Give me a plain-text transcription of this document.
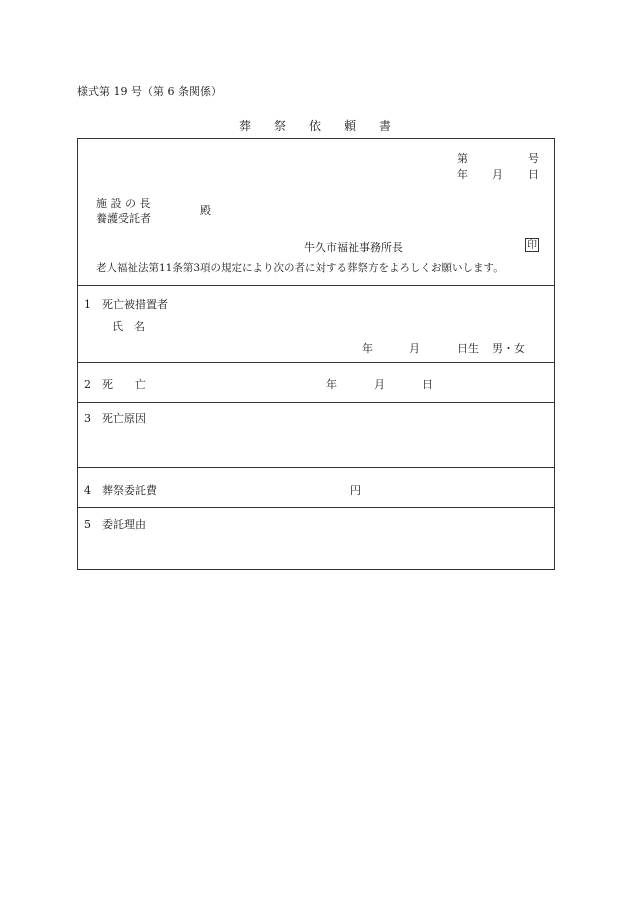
様式第 19 号（第 6 条関係）
葬祭依頼書
第	号
年 月 日
施 設 の 長
養護受託者
殿
牛久市福祉事務所長	印
老人福祉法第11条第3項の規定により次の者に対する葬祭方をよろしくお願いします。
1　死亡被措置者
氏　名
年	月	日生 男・女
2　死　　亡	年	月	日
3　死亡原因
4　葬祭委託費	円
5　委託理由
